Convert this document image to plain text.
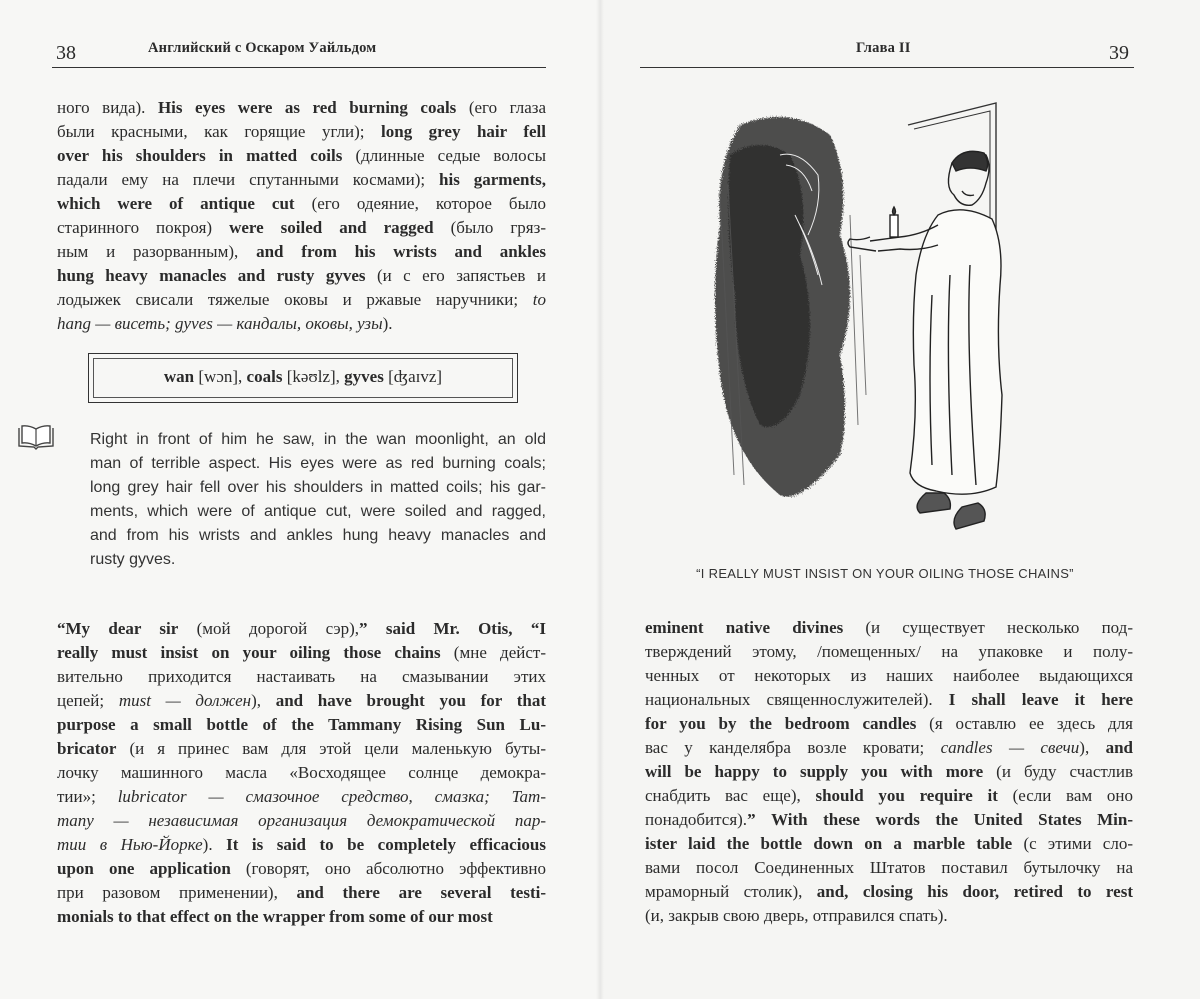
38	Английский с Оскаром Уайльдом

ного вида). His eyes were as red burning coals (его глаза
были красными, как горящие угли); long grey hair fell
over his shoulders in matted coils (длинные седые волосы
падали ему на плечи спутанными космами); his garments,
which were of antique cut (его одеяние, которое было
старинного покроя) were soiled and ragged (было гряз-
ным и разорванным), and from his wrists and ankles
hung heavy manacles and rusty gyves (и с его запястьев и
лодыжек свисали тяжелые оковы и ржавые наручники; to
hang — висеть; gyves — кандалы, оковы, узы).

wan [wɔn], coals [kəʊlz], gyves [ʤaɪvz]
Right in front of him he saw, in the wan moonlight, an old
man of terrible aspect. His eyes were as red burning coals;
long grey hair fell over his shoulders in matted coils; his gar-
ments, which were of antique cut, were soiled and ragged,
and from his wrists and ankles hung heavy manacles and
rusty gyves.

“My dear sir (мой дорогой сэр),” said Mr. Otis, “I
really must insist on your oiling those chains (мне дейст-
вительно приходится настаивать на смазывании этих
цепей; must — должен), and have brought you for that
purpose a small bottle of the Tammany Rising Sun Lu-
bricator (и я принес вам для этой цели маленькую буты-
лочку машинного масла «Восходящее солнце демокра-
тии»; lubricator — смазочное средство, смазка; Tam-
many — независимая организация демократической пар-
тии в Нью-Йорке). It is said to be completely efficacious
upon one application (говорят, оно абсолютно эффективно
при разовом применении), and there are several testi-
monials to that effect on the wrapper from some of our most

Глава II	39
“I REALLY MUST INSIST ON YOUR OILING THOSE CHAINS”

eminent native divines (и существует несколько под-
тверждений этому, /помещенных/ на упаковке и полу-
ченных от некоторых из наших наиболее выдающихся
национальных священнослужителей). I shall leave it here
for you by the bedroom candles (я оставлю ее здесь для
вас у канделябра возле кровати; candles — свечи), and
will be happy to supply you with more (и буду счастлив
снабдить вас еще), should you require it (если вам оно
понадобится).” With these words the United States Min-
ister laid the bottle down on a marble table (с этими сло-
вами посол Соединенных Штатов поставил бутылочку на
мраморный столик), and, closing his door, retired to rest
(и, закрыв свою дверь, отправился спать).
